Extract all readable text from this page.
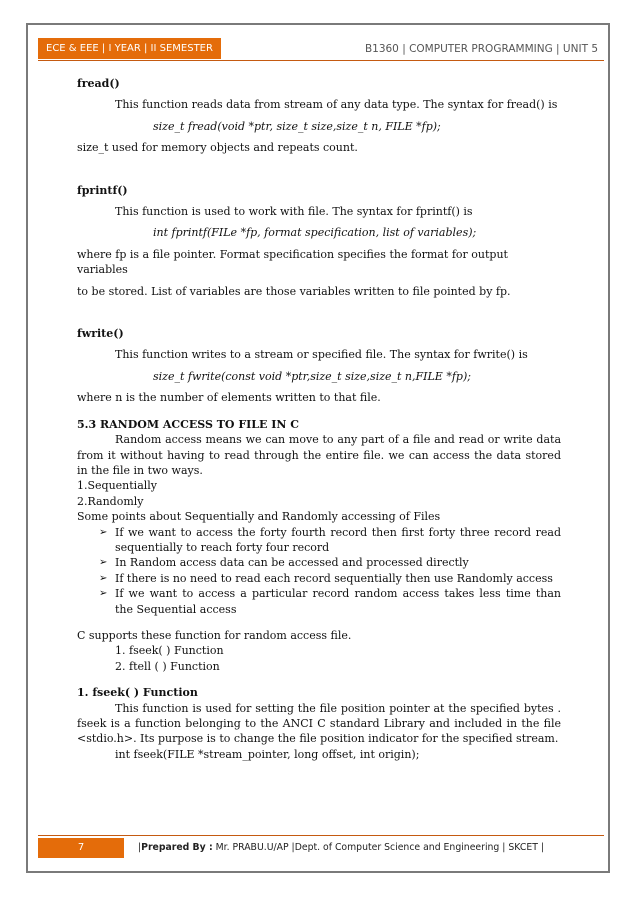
ECE & EEE | I YEAR | II SEMESTER	B1360 | COMPUTER PROGRAMMING | UNIT 5

fread()

This function reads data from stream of any data type. The syntax for fread() is

size_t fread(void *ptr, size_t size,size_t n, FILE *fp);

size_t used for memory objects and repeats count.

fprintf()

This function is used to work with file. The syntax for fprintf() is

int fprintf(FILe *fp, format specification, list of variables);

where fp is a file pointer. Format specification specifies the format for output variables

to be stored. List of variables are those variables written to file pointed by fp.

fwrite()

This function writes to a stream or specified file. The syntax for fwrite() is

size_t fwrite(const void *ptr,size_t size,size_t n,FILE *fp);

where n is the number of elements written to that file.

5.3 RANDOM ACCESS TO FILE IN C

Random access means we can move to any part of a file and read or write data from it without having to read through the entire file. we can access the data stored in the file in two ways.

1.Sequentially

2.Randomly

Some points about Sequentially and Randomly accessing of Files

➢ If we want to access the forty fourth record then first forty three record read sequentially to reach forty four record
➢ In Random access data can be accessed and processed directly
➢ If there is no need to read each record sequentially then use Randomly access
➢ If we want to access a particular record random access takes less time than the Sequential access

C supports these function for random access file.

1. fseek( ) Function

2. ftell ( ) Function

1. fseek( ) Function

This function is used for setting the file position pointer at the specified bytes . fseek is a function belonging to the ANCI C standard Library and included in the file <stdio.h>. Its purpose is to change the file position indicator for the specified stream.

int fseek(FILE *stream_pointer, long offset, int origin);

7	|Prepared By : Mr. PRABU.U/AP |Dept. of Computer Science and Engineering | SKCET |
